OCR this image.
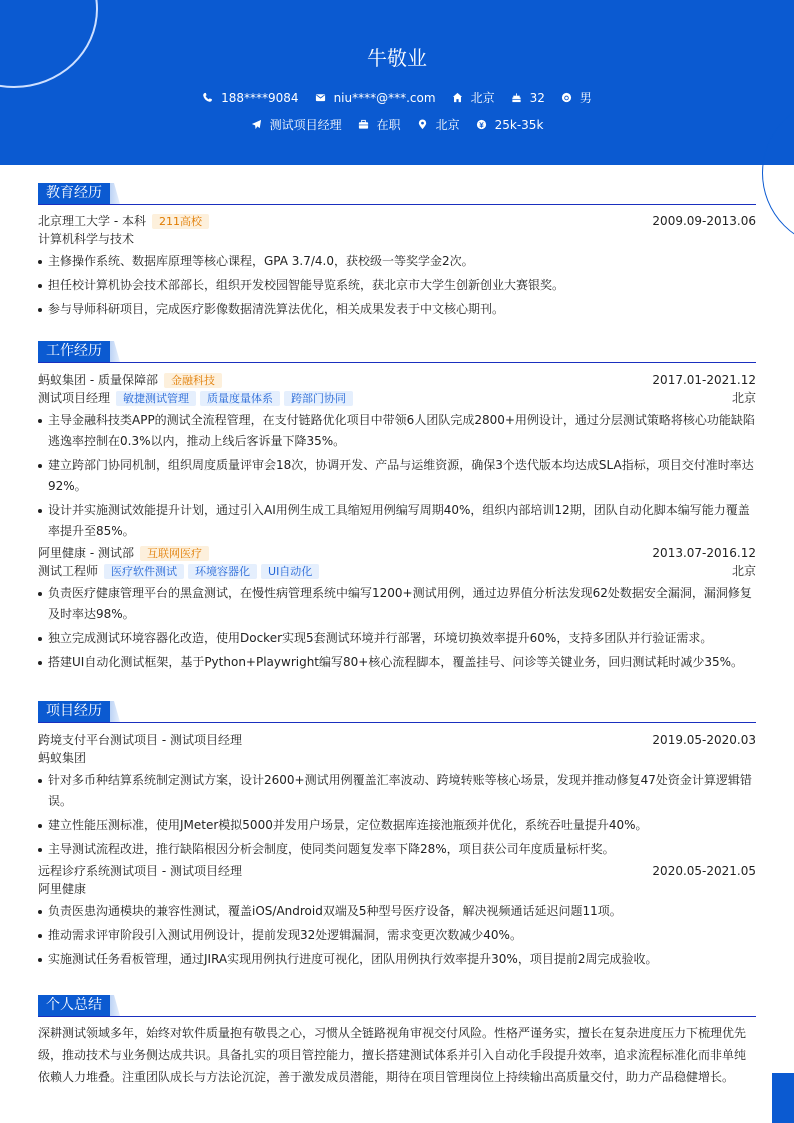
牛敬业
188****9084	niu****@***.com	北京	32	男
测试项目经理	在职	北京	25k-35k
教育经历
北京理工大学 - 本科	211高校	2009.09-2013.06
计算机科学与技术
主修操作系统、数据库原理等核心课程，GPA 3.7/4.0，获校级一等奖学金2次。
担任校计算机协会技术部部长，组织开发校园智能导览系统，获北京市大学生创新创业大赛银奖。
参与导师科研项目，完成医疗影像数据清洗算法优化，相关成果发表于中文核心期刊。
工作经历
蚂蚁集团 - 质量保障部	金融科技	2017.01-2021.12
测试项目经理	敏捷测试管理	质量度量体系	跨部门协同	北京
主导金融科技类APP的测试全流程管理，在支付链路优化项目中带领6人团队完成2800+用例设计，通过分层测试策略将核心功能缺陷逃逸率控制在0.3%以内，推动上线后客诉量下降35%。
建立跨部门协同机制，组织周度质量评审会18次，协调开发、产品与运维资源，确保3个迭代版本均达成SLA指标，项目交付准时率达92%。
设计并实施测试效能提升计划，通过引入AI用例生成工具缩短用例编写周期40%，组织内部培训12期，团队自动化脚本编写能力覆盖率提升至85%。
阿里健康 - 测试部	互联网医疗	2013.07-2016.12
测试工程师	医疗软件测试	环境容器化	UI自动化	北京
负责医疗健康管理平台的黑盒测试，在慢性病管理系统中编写1200+测试用例，通过边界值分析法发现62处数据安全漏洞，漏洞修复及时率达98%。
独立完成测试环境容器化改造，使用Docker实现5套测试环境并行部署，环境切换效率提升60%，支持多团队并行验证需求。
搭建UI自动化测试框架，基于Python+Playwright编写80+核心流程脚本，覆盖挂号、问诊等关键业务，回归测试耗时减少35%。
项目经历
跨境支付平台测试项目 - 测试项目经理	2019.05-2020.03
蚂蚁集团
针对多币种结算系统制定测试方案，设计2600+测试用例覆盖汇率波动、跨境转账等核心场景，发现并推动修复47处资金计算逻辑错误。
建立性能压测标准，使用JMeter模拟5000并发用户场景，定位数据库连接池瓶颈并优化，系统吞吐量提升40%。
主导测试流程改进，推行缺陷根因分析会制度，使同类问题复发率下降28%，项目获公司年度质量标杆奖。
远程诊疗系统测试项目 - 测试项目经理	2020.05-2021.05
阿里健康
负责医患沟通模块的兼容性测试，覆盖iOS/Android双端及5种型号医疗设备，解决视频通话延迟问题11项。
推动需求评审阶段引入测试用例设计，提前发现32处逻辑漏洞，需求变更次数减少40%。
实施测试任务看板管理，通过JIRA实现用例执行进度可视化，团队用例执行效率提升30%，项目提前2周完成验收。
个人总结
深耕测试领域多年，始终对软件质量抱有敬畏之心，习惯从全链路视角审视交付风险。性格严谨务实，擅长在复杂进度压力下梳理优先级，推动技术与业务侧达成共识。具备扎实的项目管控能力，擅长搭建测试体系并引入自动化手段提升效率，追求流程标准化而非单纯依赖人力堆叠。注重团队成长与方法论沉淀，善于激发成员潜能，期待在项目管理岗位上持续输出高质量交付，助力产品稳健增长。
